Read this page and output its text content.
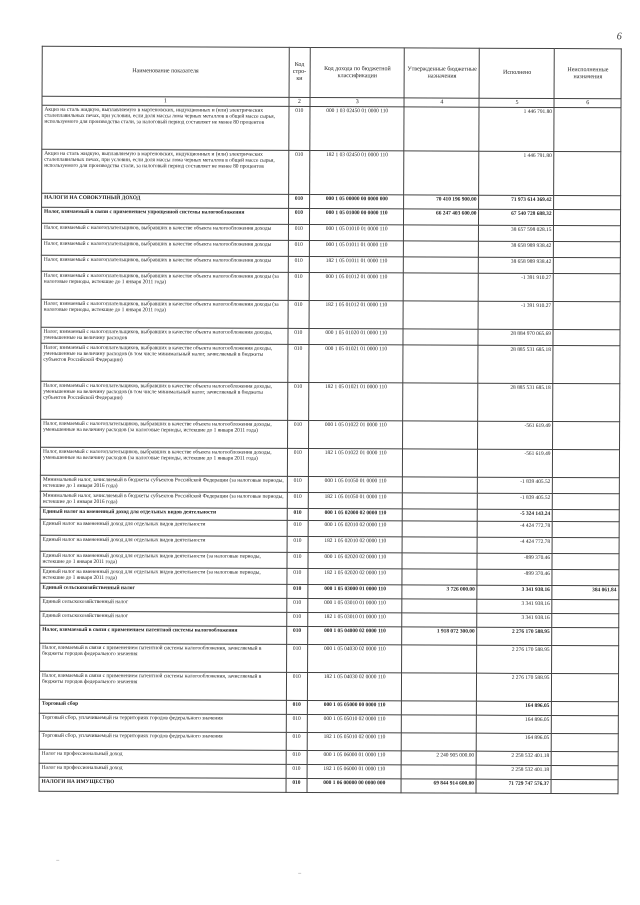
6
Наименование показателя	Код стро-ки	Код дохода по бюджетной классификации	Утвержденные бюджетные назначения	Исполнено	Неисполненные назначения
1	2	3	4	5	6
Акциз на сталь жидкую, выплавляемую в мартеновских, индукционных и (или) электрических сталеплавильных печах, при условии, если доля массы лома черных металлов в общей массе сырья, используемого для производства стали, за налоговый период составляет не менее 80 процентов	010	000 1 03 02450 01 0000 110		1 446 791.80	
Акциз на сталь жидкую, выплавляемую в мартеновских, индукционных и (или) электрических сталеплавильных печах, при условии, если доля массы лома черных металлов в общей массе сырья, используемого для производства стали, за налоговый период составляет не менее 80 процентов	010	182 1 03 02450 01 0000 110		1 446 791.80	
НАЛОГИ НА СОВОКУПНЫЙ ДОХОД	010	000 1 05 00000 00 0000 000	70 410 196 900.00	71 973 614 369.42	
Налог, взимаемый в связи с применением упрощенной системы налогообложения	010	000 1 05 01000 00 0000 110	66 247 403 600.00	67 540 728 688.32	
Налог, взимаемый с налогоплательщиков, выбравших в качестве объекта налогообложения доходы	010	000 1 05 01010 01 0000 110		38 657 598 028.15	
Налог, взимаемый с налогоплательщиков, выбравших в качестве объекта налогообложения доходы	010	000 1 05 01011 01 0000 110		38 658 989 938.42	
Налог, взимаемый с налогоплательщиков, выбравших в качестве объекта налогообложения доходы	010	182 1 05 01011 01 0000 110		38 658 989 938.42	
Налог, взимаемый с налогоплательщиков, выбравших в качестве объекта налогообложения доходы (за налоговые периоды, истекшие до 1 января 2011 года)	010	000 1 05 01012 01 0000 110		-1 391 910.27	
Налог, взимаемый с налогоплательщиков, выбравших в качестве объекта налогообложения доходы (за налоговые периоды, истекшие до 1 января 2011 года)	010	182 1 05 01012 01 0000 110		-1 391 910.27	
Налог, взимаемый с налогоплательщиков, выбравших в качестве объекта налогообложения доходы, уменьшенные на величину расходов	010	000 1 05 01020 01 0000 110		28 884 970 065.69	
Налог, взимаемый с налогоплательщиков, выбравших в качестве объекта налогообложения доходы, уменьшенные на величину расходов (в том числе минимальный налог, зачисляемый в бюджеты субъектов Российской Федерации)	010	000 1 05 01021 01 0000 110		28 885 531 685.18	
Налог, взимаемый с налогоплательщиков, выбравших в качестве объекта налогообложения доходы, уменьшенные на величину расходов (в том числе минимальный налог, зачисляемый в бюджеты субъектов Российской Федерации)	010	182 1 05 01021 01 0000 110		28 885 531 685.18	
Налог, взимаемый с налогоплательщиков, выбравших в качестве объекта налогообложения доходы, уменьшенные на величину расходов (за налоговые периоды, истекшие до 1 января 2011 года)	010	000 1 05 01022 01 0000 110		-561 619.49	
Налог, взимаемый с налогоплательщиков, выбравших в качестве объекта налогообложения доходы, уменьшенные на величину расходов (за налоговые периоды, истекшие до 1 января 2011 года)	010	182 1 05 01022 01 0000 110		-561 619.49	
Минимальный налог, зачисляемый в бюджеты субъектов Российской Федерации (за налоговые периоды, истекшие до 1 января 2016 года)	010	000 1 05 01050 01 0000 110		-1 839 405.52	
Минимальный налог, зачисляемый в бюджеты субъектов Российской Федерации (за налоговые периоды, истекшие до 1 января 2016 года)	010	182 1 05 01050 01 0000 110		-1 839 405.52	
Единый налог на вмененный доход для отдельных видов деятельности	010	000 1 05 02000 02 0000 110		-5 324 143.24	
Единый налог на вмененный доход для отдельных видов деятельности	010	000 1 05 02010 02 0000 110		-4 424 772.78	
Единый налог на вмененный доход для отдельных видов деятельности	010	182 1 05 02010 02 0000 110		-4 424 772.78	
Единый налог на вмененный доход для отдельных видов деятельности (за налоговые периоды, истекшие до 1 января 2011 года)	010	000 1 05 02020 02 0000 110		-899 370.46	
Единый налог на вмененный доход для отдельных видов деятельности (за налоговые периоды, истекшие до 1 января 2011 года)	010	182 1 05 02020 02 0000 110		-899 370.46	
Единый сельскохозяйственный налог	010	000 1 05 03000 01 0000 110	3 726 000.00	3 341 938.16	384 061.84
Единый сельскохозяйственный налог	010	000 1 05 03010 01 0000 110		3 341 938.16	
Единый сельскохозяйственный налог	010	182 1 05 03010 01 0000 110		3 341 938.16	
Налог, взимаемый в связи с применением патентной системы налогообложения	010	000 1 05 04000 02 0000 110	1 918 072 300.00	2 276 170 588.95	
Налог, взимаемый в связи с применением патентной системы налогообложения, зачисляемый в бюджеты городов федерального значения	010	000 1 05 04030 02 0000 110		2 276 170 588.95	
Налог, взимаемый в связи с применением патентной системы налогообложения, зачисляемый в бюджеты городов федерального значения	010	182 1 05 04030 02 0000 110		2 276 170 588.95	
Торговый сбор	010	000 1 05 05000 00 0000 110		164 896.05	
Торговый сбор, уплачиваемый на территориях городов федерального значения	010	000 1 05 05010 02 0000 110		164 896.05	
Торговый сбор, уплачиваемый на территориях городов федерального значения	010	182 1 05 05010 02 0000 110		164 896.05	
Налог на профессиональный доход	010	000 1 05 06000 01 0000 110	2 240 905 000.00	2 258 532 401.18	
Налог на профессиональный доход	010	182 1 05 06000 01 0000 110		2 258 532 401.18	
НАЛОГИ НА ИМУЩЕСТВО	010	000 1 06 00000 00 0000 000	69 844 914 600.00	71 729 747 576.37	
